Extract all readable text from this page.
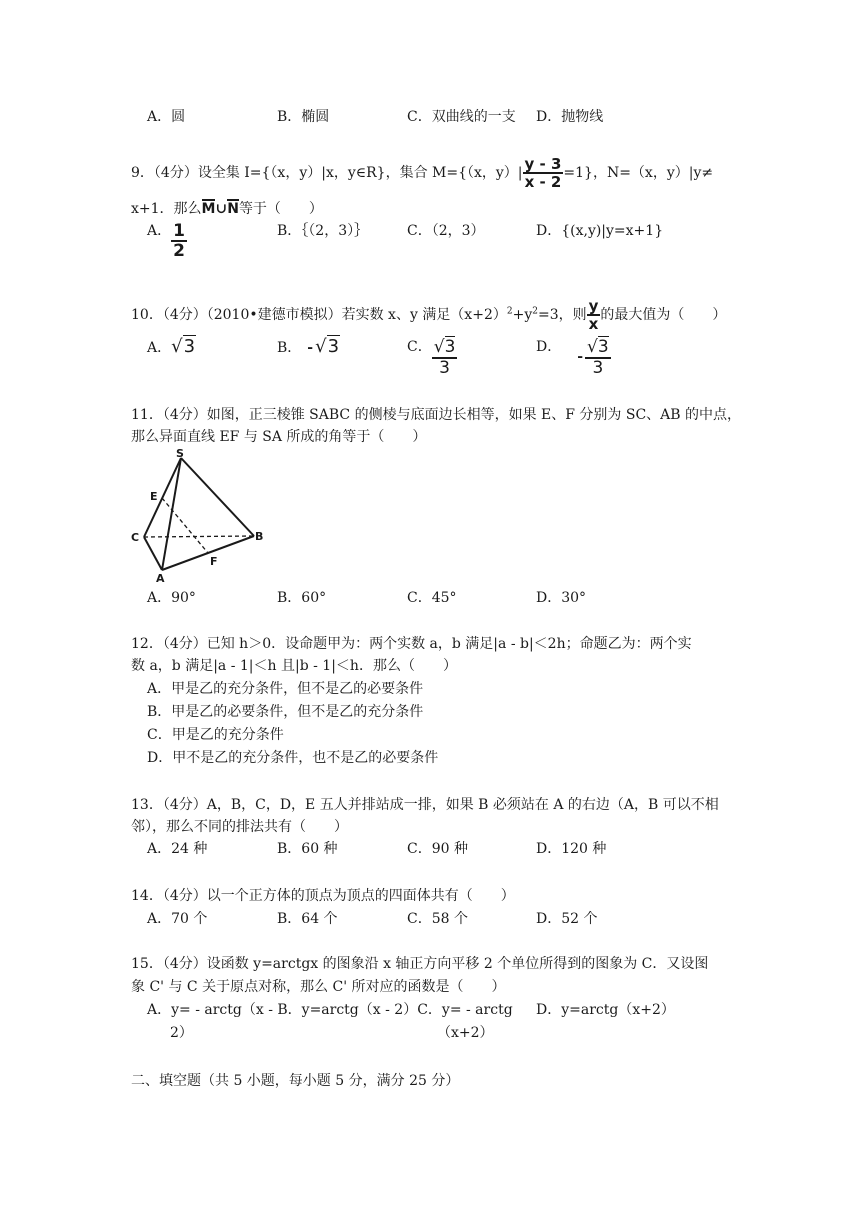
A．圆	B．椭圆	C．双曲线的一支 D．抛物线
9．（4分）设全集 I={（x，y）|x，y∈R}，集合 M={（x，$y)| \frac{y - 3}{x - 2} =1$}，N=（x，y）|y≠
x+1．那么M∪N等于（　　）
A． $\frac{1}{2}$	B．｛（2，3）｝	C．（2，3）	D．{(x,y)|y=x+1}
10．（4分）（2010•建德市模拟）若实数 x、y 满足$(x+2)^2+y^2=3$，则 $\frac{y}{x}$ 的最大值为（　　）
A．√3	B． - √3	C． $\frac{√3}{3}$	D．- $\frac{√3}{3}$
11．（4分）如图，正三棱锥 SABC 的侧棱与底面边长相等，如果 E、F 分别为 SC、AB 的中点，
那么异面直线 EF 与 SA 所成的角等于（　　）
S
E
C	B
F
A
A．90°	B．60°	C．45°	D．30°
12．（4分）已知 h＞0．设命题甲为：两个实数 a，b 满足|a - b|＜2h；命题乙为：两个实
数 a，b 满足|a - 1|＜h 且|b - 1|＜h．那么（　　）
A．甲是乙的充分条件，但不是乙的必要条件
B．甲是乙的必要条件，但不是乙的充分条件
C．甲是乙的充分条件
D．甲不是乙的充分条件，也不是乙的必要条件
13．（4分）A，B，C，D，E 五人并排站成一排，如果 B 必须站在 A 的右边（A，B 可以不相
邻），那么不同的排法共有（　　）
A．24 种	B．60 种	C．90 种	D．120 种
14．（4分）以一个正方体的顶点为顶点的四面体共有（　　）
A．70 个	B．64 个	C．58 个	D．52 个
15．（4分）设函数 y=arctgx 的图象沿 x 轴正方向平移 2 个单位所得到的图象为 C．又设图
象 C' 与 C 关于原点对称，那么 C' 所对应的函数是（　　）
A．y= - arctg（x - B．y=arctg（x - 2）C．y= - arctg
2）	（x+2）
D．y=arctg（x+2）
二、填空题（共 5 小题，每小题 5 分，满分 25 分）
